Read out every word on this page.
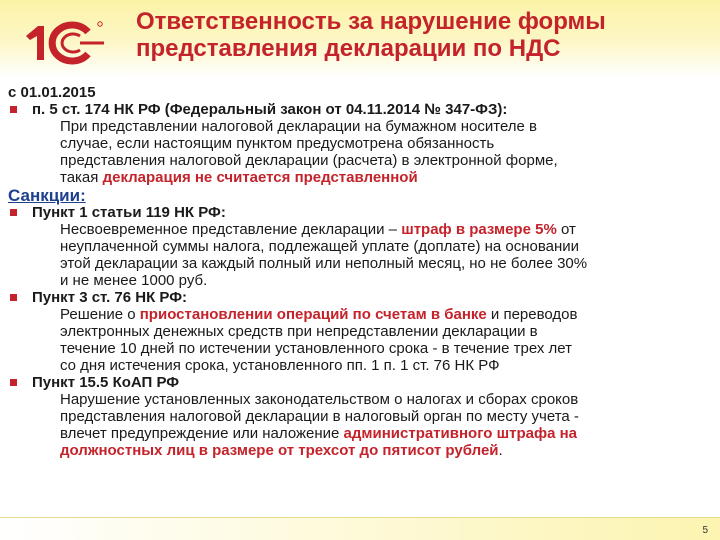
Ответственность за нарушение формы
представления декларации по НДС
с 01.01.2015
п. 5 ст. 174 НК РФ (Федеральный закон от 04.11.2014 № 347-ФЗ):
При представлении налоговой декларации на бумажном носителе в
случае, если настоящим пунктом предусмотрена обязанность
представления налоговой декларации (расчета) в электронной форме,
такая декларация не считается представленной
Санкции:
Пункт 1 статьи 119 НК РФ:
Несвоевременное представление декларации – штраф в размере 5% от
неуплаченной суммы налога, подлежащей уплате (доплате) на основании
этой декларации за каждый полный или неполный месяц, но не более 30%
и не менее 1000 руб.
Пункт 3 ст. 76 НК РФ:
Решение о приостановлении операций по счетам в банке и переводов
электронных денежных средств при непредставлении декларации в
течение 10 дней по истечении установленного срока - в течение трех лет
со дня истечения срока, установленного пп. 1 п. 1 ст. 76 НК РФ
Пункт 15.5 КоАП РФ
Нарушение установленных законодательством о налогах и сборах сроков
представления налоговой декларации в налоговый орган по месту учета -
влечет предупреждение или наложение административного штрафа на
должностных лиц в размере от трехсот до пятисот рублей.
5
